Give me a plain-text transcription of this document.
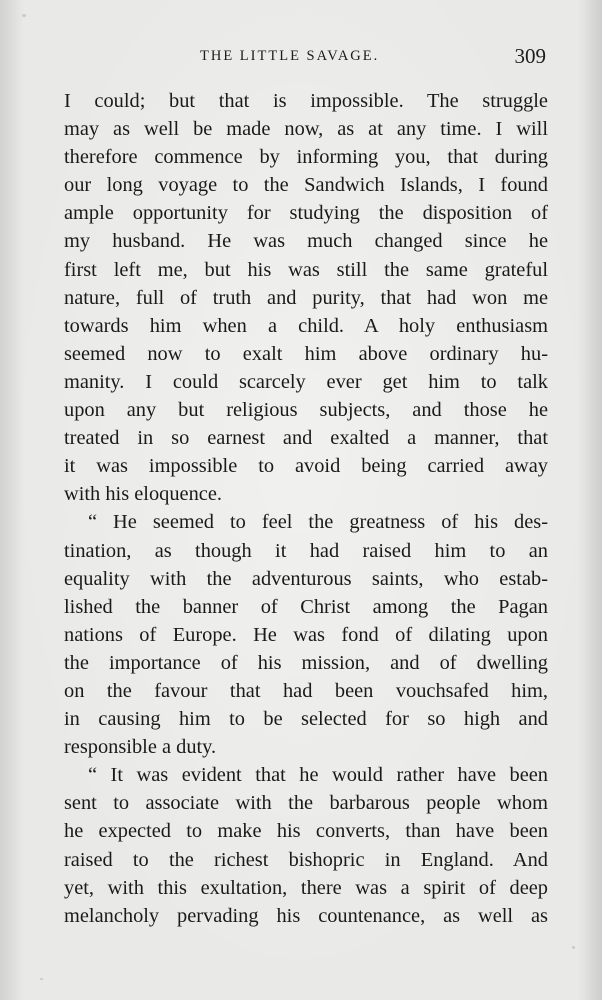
THE LITTLE SAVAGE.	309
I could; but that is impossible. The struggle
may as well be made now, as at any time. I will
therefore commence by informing you, that during
our long voyage to the Sandwich Islands, I found
ample opportunity for studying the disposition of
my husband. He was much changed since he
first left me, but his was still the same grateful
nature, full of truth and purity, that had won me
towards him when a child. A holy enthusiasm
seemed now to exalt him above ordinary hu-
manity. I could scarcely ever get him to talk
upon any but religious subjects, and those he
treated in so earnest and exalted a manner, that
it was impossible to avoid being carried away
with his eloquence.
“ He seemed to feel the greatness of his des-
tination, as though it had raised him to an
equality with the adventurous saints, who estab-
lished the banner of Christ among the Pagan
nations of Europe. He was fond of dilating upon
the importance of his mission, and of dwelling
on the favour that had been vouchsafed him,
in causing him to be selected for so high and
responsible a duty.
“ It was evident that he would rather have been
sent to associate with the barbarous people whom
he expected to make his converts, than have been
raised to the richest bishopric in England. And
yet, with this exultation, there was a spirit of deep
melancholy pervading his countenance, as well as
